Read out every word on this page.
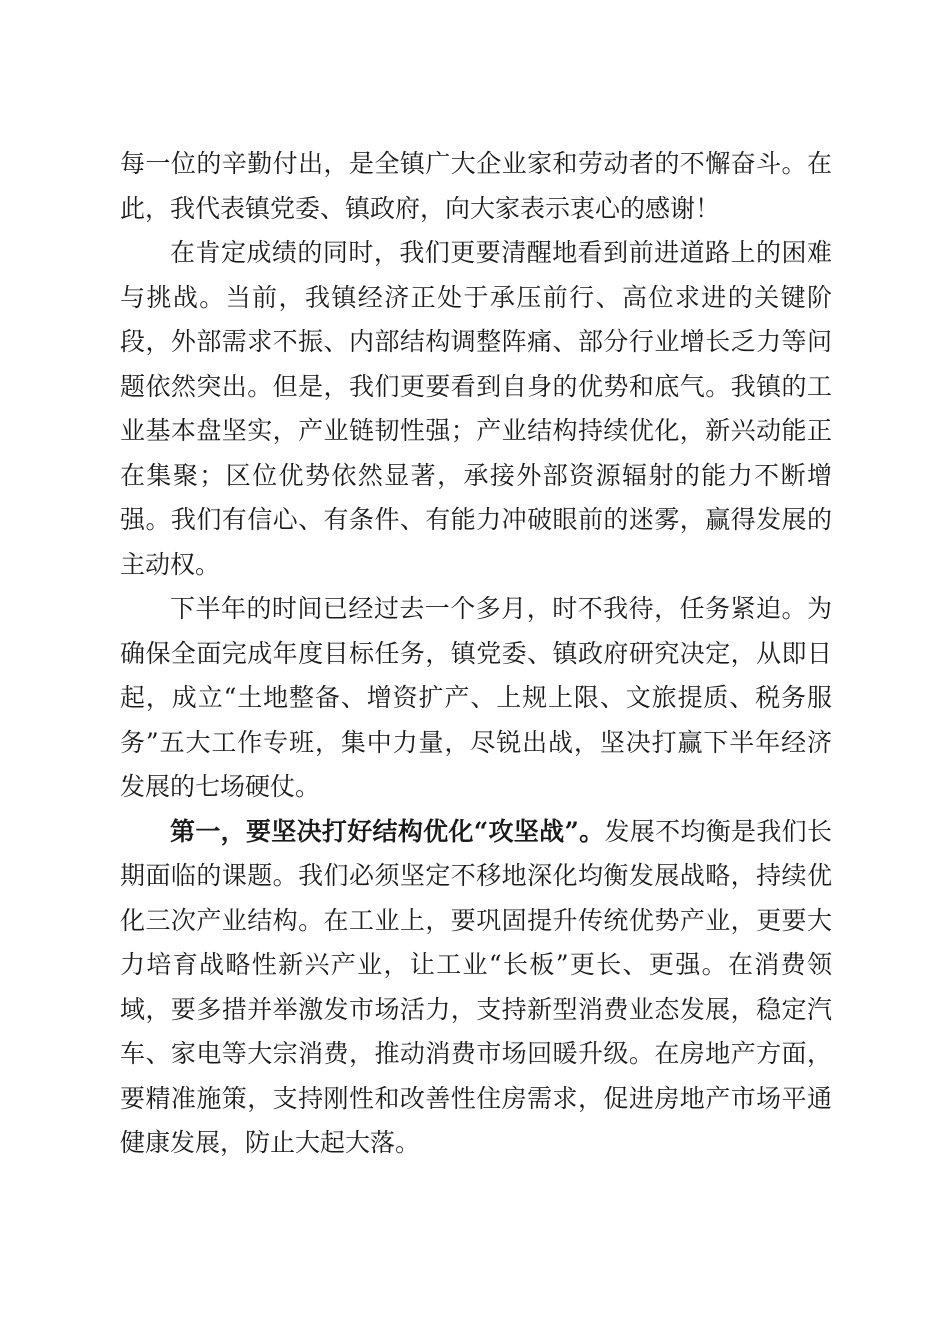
每一位的辛勤付出，是全镇广大企业家和劳动者的不懈奋斗。在此，我代表镇党委、镇政府，向大家表示衷心的感谢！

在肯定成绩的同时，我们更要清醒地看到前进道路上的困难与挑战。当前，我镇经济正处于承压前行、高位求进的关键阶段，外部需求不振、内部结构调整阵痛、部分行业增长乏力等问题依然突出。但是，我们更要看到自身的优势和底气。我镇的工业基本盘坚实，产业链韧性强；产业结构持续优化，新兴动能正在集聚；区位优势依然显著，承接外部资源辐射的能力不断增强。我们有信心、有条件、有能力冲破眼前的迷雾，赢得发展的主动权。

下半年的时间已经过去一个多月，时不我待，任务紧迫。为确保全面完成年度目标任务，镇党委、镇政府研究决定，从即日起，成立“土地整备、增资扩产、上规上限、文旅提质、税务服务”五大工作专班，集中力量，尽锐出战，坚决打赢下半年经济发展的七场硬仗。

第一，要坚决打好结构优化“攻坚战”。发展不均衡是我们长期面临的课题。我们必须坚定不移地深化均衡发展战略，持续优化三次产业结构。在工业上，要巩固提升传统优势产业，更要大力培育战略性新兴产业，让工业“长板”更长、更强。在消费领域，要多措并举激发市场活力，支持新型消费业态发展，稳定汽车、家电等大宗消费，推动消费市场回暖升级。在房地产方面，要精准施策，支持刚性和改善性住房需求，促进房地产市场平通健康发展，防止大起大落。
